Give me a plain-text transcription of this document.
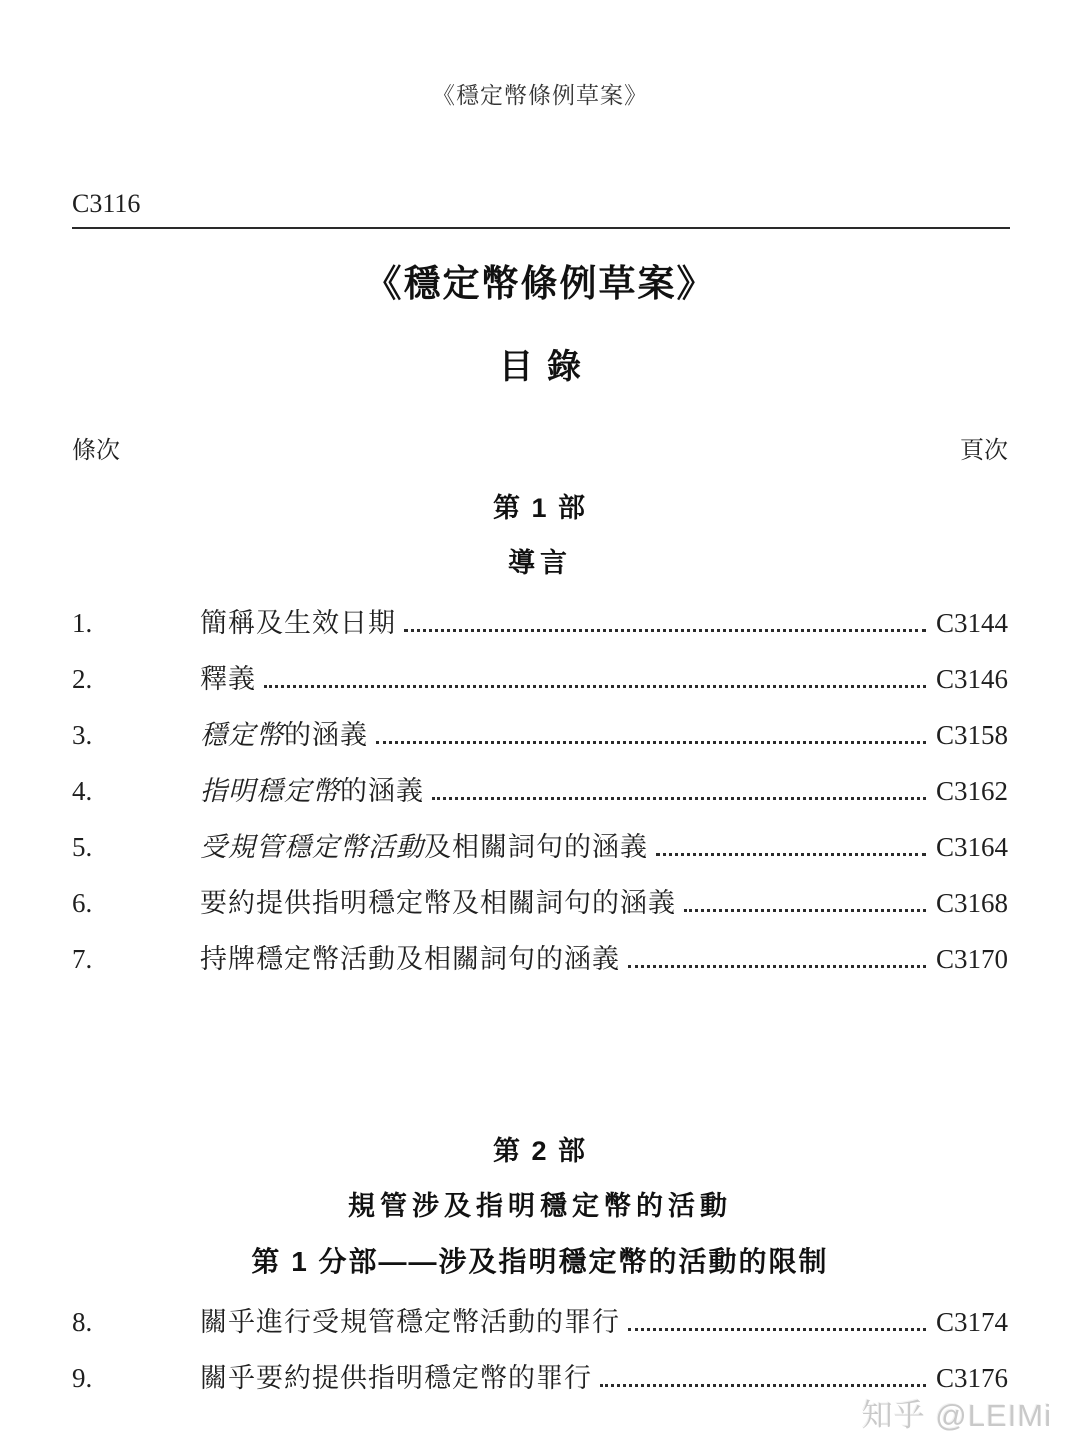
《穩定幣條例草案》
C3116
《穩定幣條例草案》
目錄
條次	頁次
第 1 部
導言
1.	簡稱及生效日期	C3144
2.	釋義	C3146
3.	穩定幣的涵義	C3158
4.	指明穩定幣的涵義	C3162
5.	受規管穩定幣活動及相關詞句的涵義	C3164
6.	要約提供指明穩定幣及相關詞句的涵義	C3168
7.	持牌穩定幣活動及相關詞句的涵義	C3170
第 2 部
規管涉及指明穩定幣的活動
第 1 分部——涉及指明穩定幣的活動的限制
8.	關乎進行受規管穩定幣活動的罪行	C3174
9.	關乎要約提供指明穩定幣的罪行	C3176
知乎 @LEIMi
